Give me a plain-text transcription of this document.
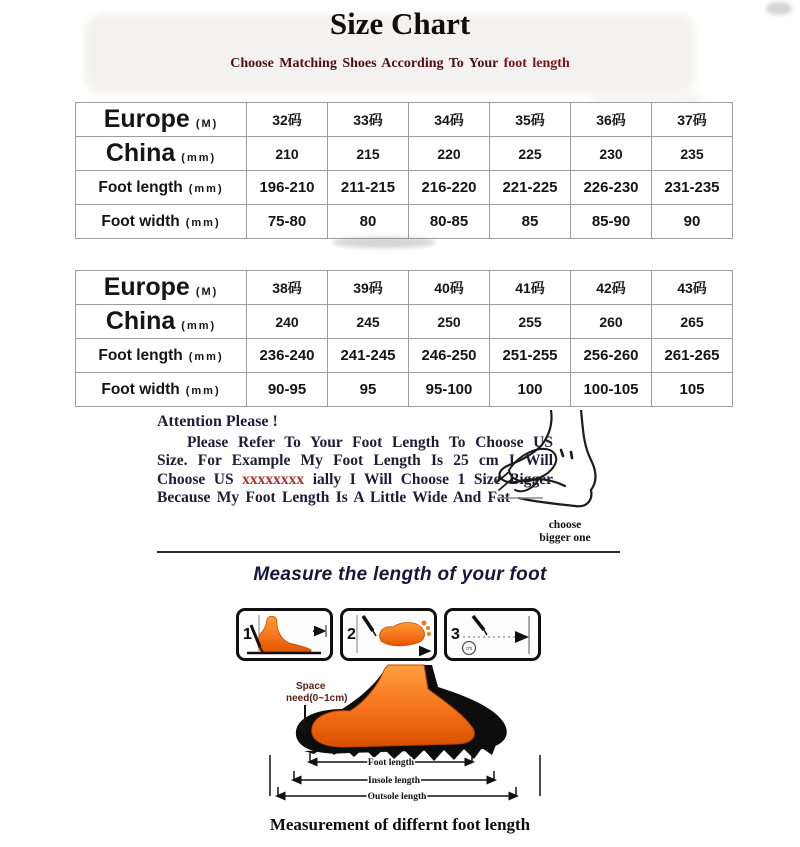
Size Chart
Choose Matching Shoes According To Your foot length
Europe (M)	32码	33码	34码	35码	36码	37码
China (mm)	210	215	220	225	230	235
Foot length (mm)	196-210	211-215	216-220	221-225	226-230	231-235
Foot width (mm)	75-80	80	80-85	85	85-90	90
Europe (M)	38码	39码	40码	41码	42码	43码
China (mm)	240	245	250	255	260	265
Foot length (mm)	236-240	241-245	246-250	251-255	256-260	261-265
Foot width (mm)	90-95	95	95-100	100	100-105	105
Attention Please !

Please Refer To Your Foot Length To Choose US Size. For Example My Foot Length Is 25 cm I Will Choose US xxxxxxxx ially I Will Choose 1 Size Bigger Because My Foot Length Is A Little Wide And Fat

choose
bigger one
Measure the length of your foot
1	2	3
cm
Space
need(0~1cm)
Foot length
Insole length
Outsole length
Measurement of differnt foot length
